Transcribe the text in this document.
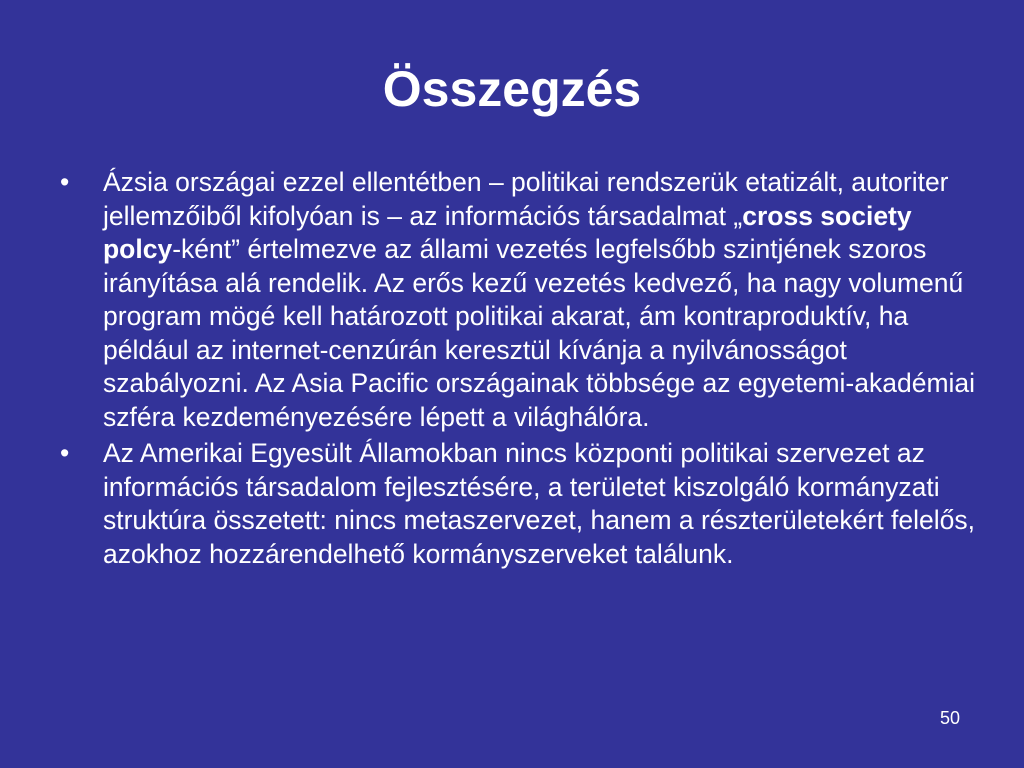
Összegzés
• Ázsia országai ezzel ellentétben – politikai rendszerük etatizált, autoriter jellemzőiből kifolyóan is – az információs társadalmat „cross society polcy-ként” értelmezve az állami vezetés legfelsőbb szintjének szoros irányítása alá rendelik. Az erős kezű vezetés kedvező, ha nagy volumenű program mögé kell határozott politikai akarat, ám kontraproduktív, ha például az internet-cenzúrán keresztül kívánja a nyilvánosságot szabályozni. Az Asia Pacific országainak többsége az egyetemi-akadémiai szféra kezdeményezésére lépett a világhálóra.
• Az Amerikai Egyesült Államokban nincs központi politikai szervezet az információs társadalom fejlesztésére, a területet kiszolgáló kormányzati struktúra összetett: nincs metaszervezet, hanem a részterületekért felelős, azokhoz hozzárendelhető kormányszerveket találunk.
50
